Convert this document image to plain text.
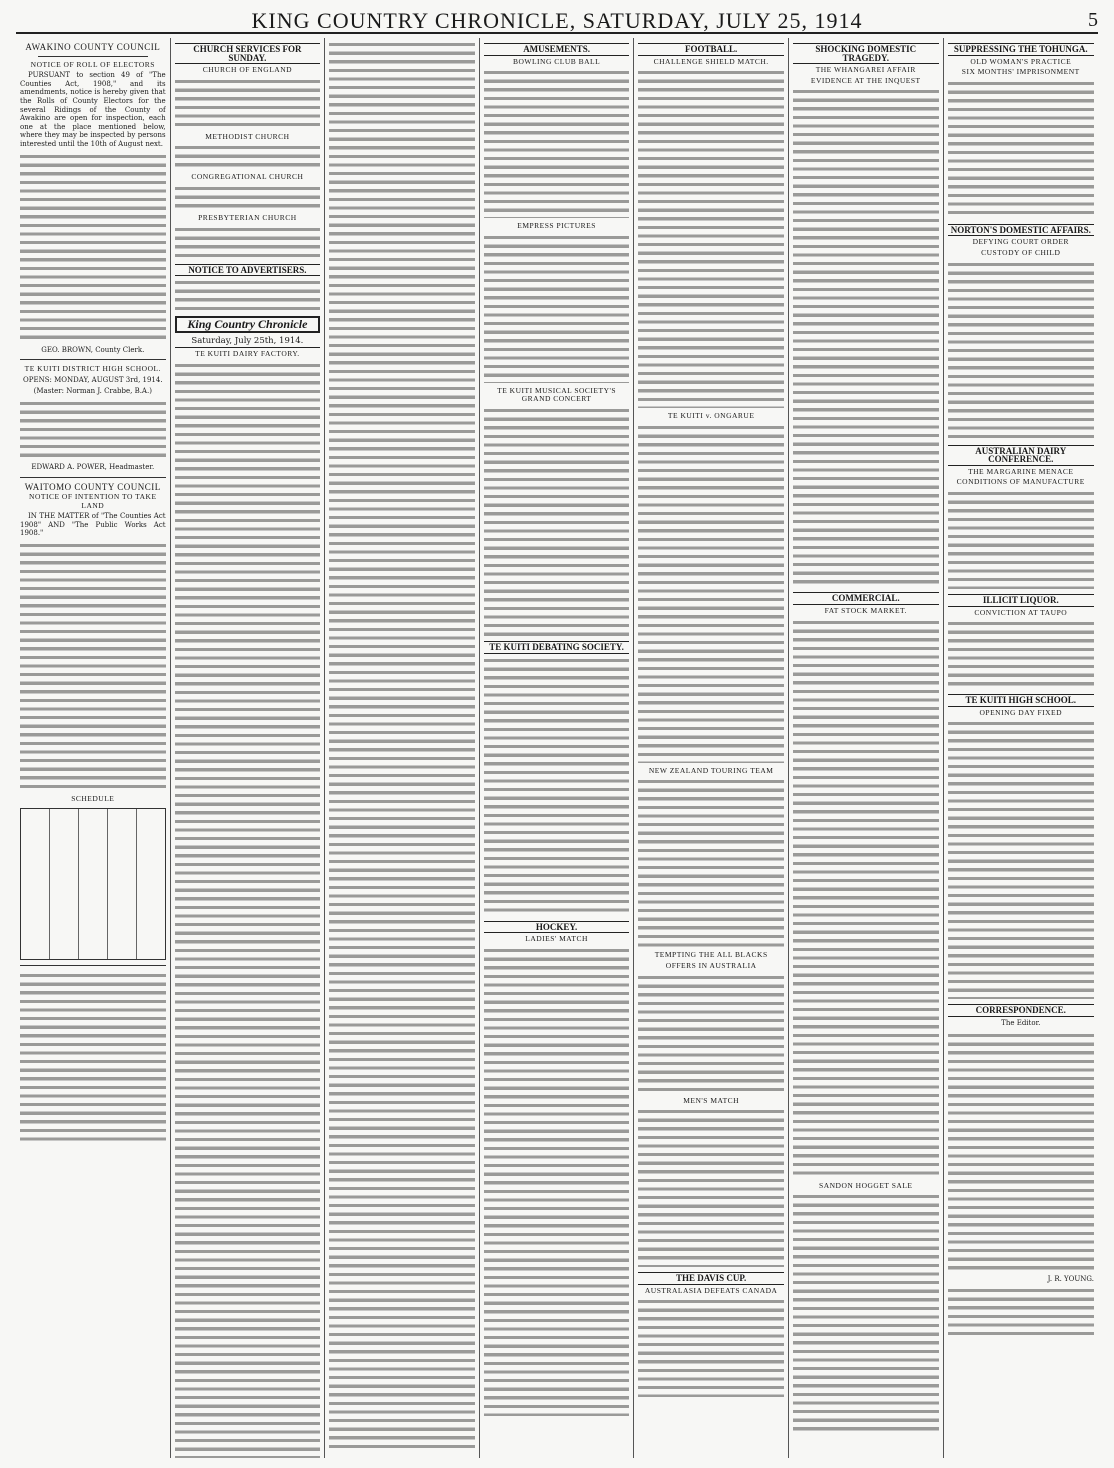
KING COUNTRY CHRONICLE, SATURDAY, JULY 25, 1914	5
AWAKINO COUNTY COUNCIL
NOTICE OF ROLL OF ELECTORS

PURSUANT to section 49 of "The Counties Act, 1908," and its amendments, notice is hereby given that the Rolls of County Electors for the several Ridings of the County of Awakino are open for inspection, each one at the place mentioned below, where they may be inspected by persons interested until the 10th of August next.

GEO. BROWN, County Clerk.

TE KUITI DISTRICT HIGH SCHOOL.

OPENS: MONDAY, AUGUST 3rd, 1914.

(Master: Norman J. Crabbe, B.A.)

EDWARD A. POWER, Headmaster.

WAITOMO COUNTY COUNCIL
NOTICE OF INTENTION TO TAKE LAND

IN THE MATTER of "The Counties Act 1908" AND "The Public Works Act 1908."

SCHEDULE
CHURCH SERVICES FOR SUNDAY.
CHURCH OF ENGLAND
METHODIST CHURCH
CONGREGATIONAL CHURCH
PRESBYTERIAN CHURCH
NOTICE TO ADVERTISERS.
King Country Chronicle
Saturday, July 25th, 1914.
TE KUITI DAIRY FACTORY.
AMUSEMENTS.
BOWLING CLUB BALL
EMPRESS PICTURES
TE KUITI MUSICAL SOCIETY'S GRAND CONCERT
TE KUITI DEBATING SOCIETY.
HOCKEY.
LADIES' MATCH
FOOTBALL.
CHALLENGE SHIELD MATCH.
TE KUITI v. ONGARUE
NEW ZEALAND TOURING TEAM
TEMPTING THE ALL BLACKS
OFFERS IN AUSTRALIA
MEN'S MATCH
THE DAVIS CUP.
AUSTRALASIA DEFEATS CANADA
SHOCKING DOMESTIC TRAGEDY.
THE WHANGAREI AFFAIR
EVIDENCE AT THE INQUEST
COMMERCIAL.
FAT STOCK MARKET.
SANDON HOGGET SALE
SUPPRESSING THE TOHUNGA.
OLD WOMAN'S PRACTICE
SIX MONTHS' IMPRISONMENT
NORTON'S DOMESTIC AFFAIRS.
DEFYING COURT ORDER
CUSTODY OF CHILD
AUSTRALIAN DAIRY CONFERENCE.
THE MARGARINE MENACE
CONDITIONS OF MANUFACTURE
ILLICIT LIQUOR.
CONVICTION AT TAUPO
TE KUITI HIGH SCHOOL.
OPENING DAY FIXED
CORRESPONDENCE.

The Editor.

J. R. YOUNG.
